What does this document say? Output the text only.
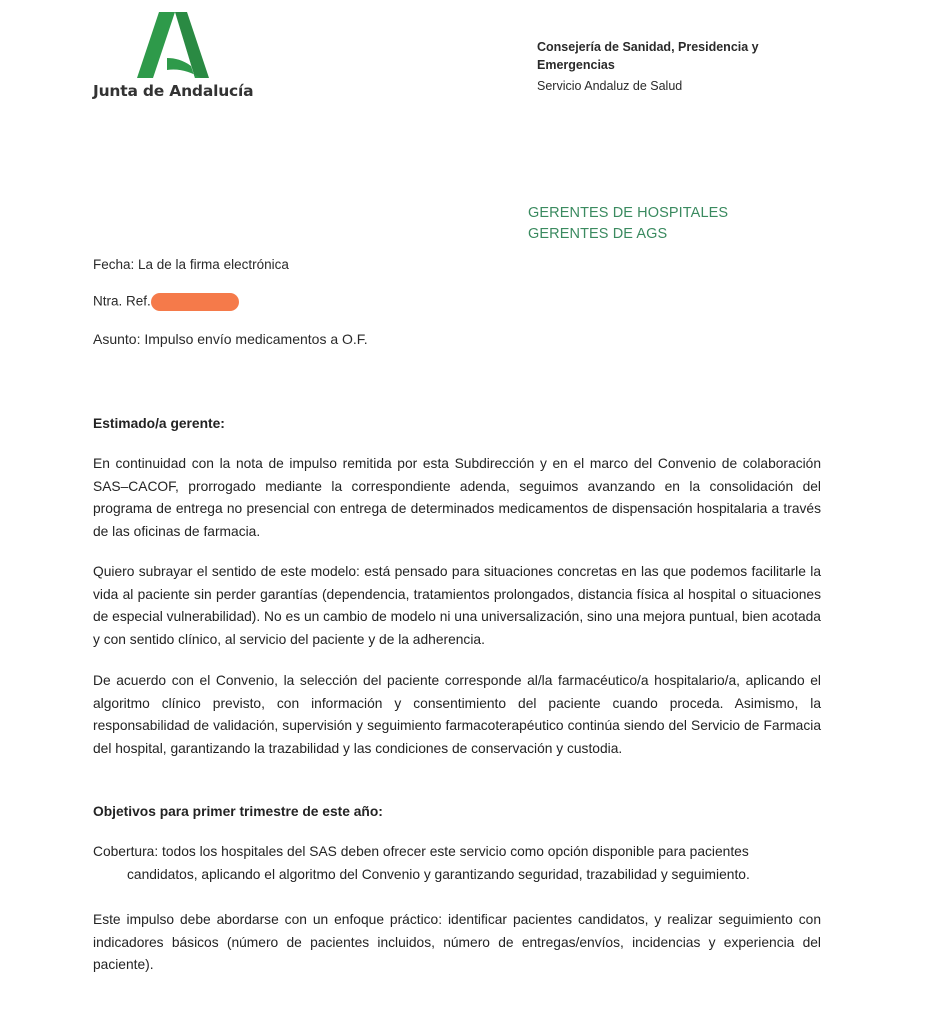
Junta de Andalucía
Consejería de Sanidad, Presidencia y
Emergencias
Servicio Andaluz de Salud
GERENTES DE HOSPITALES
GERENTES DE AGS
Fecha: La de la firma electrónica
Ntra. Ref.
Asunto: Impulso envío medicamentos a O.F.
Estimado/a gerente:

En continuidad con la nota de impulso remitida por esta Subdirección y en el marco del Convenio de colaboración SAS–CACOF, prorrogado mediante la correspondiente adenda, seguimos avanzando en la consolidación del programa de entrega no presencial con entrega de determinados medicamentos de dispensación hospitalaria a través de las oficinas de farmacia.

Quiero subrayar el sentido de este modelo: está pensado para situaciones concretas en las que podemos facilitarle la vida al paciente sin perder garantías (dependencia, tratamientos prolongados, distancia física al hospital o situaciones de especial vulnerabilidad). No es un cambio de modelo ni una universalización, sino una mejora puntual, bien acotada y con sentido clínico, al servicio del paciente y de la adherencia.

De acuerdo con el Convenio, la selección del paciente corresponde al/la farmacéutico/a hospitalario/a, aplicando el algoritmo clínico previsto, con información y consentimiento del paciente cuando proceda. Asimismo, la responsabilidad de validación, supervisión y seguimiento farmacoterapéutico continúa siendo del Servicio de Farmacia del hospital, garantizando la trazabilidad y las condiciones de conservación y custodia.

Objetivos para primer trimestre de este año:

Cobertura: todos los hospitales del SAS deben ofrecer este servicio como opción disponible para pacientes candidatos, aplicando el algoritmo del Convenio y garantizando seguridad, trazabilidad y seguimiento.

Este impulso debe abordarse con un enfoque práctico: identificar pacientes candidatos, y realizar seguimiento con indicadores básicos (número de pacientes incluidos, número de entregas/envíos, incidencias y experiencia del paciente).
